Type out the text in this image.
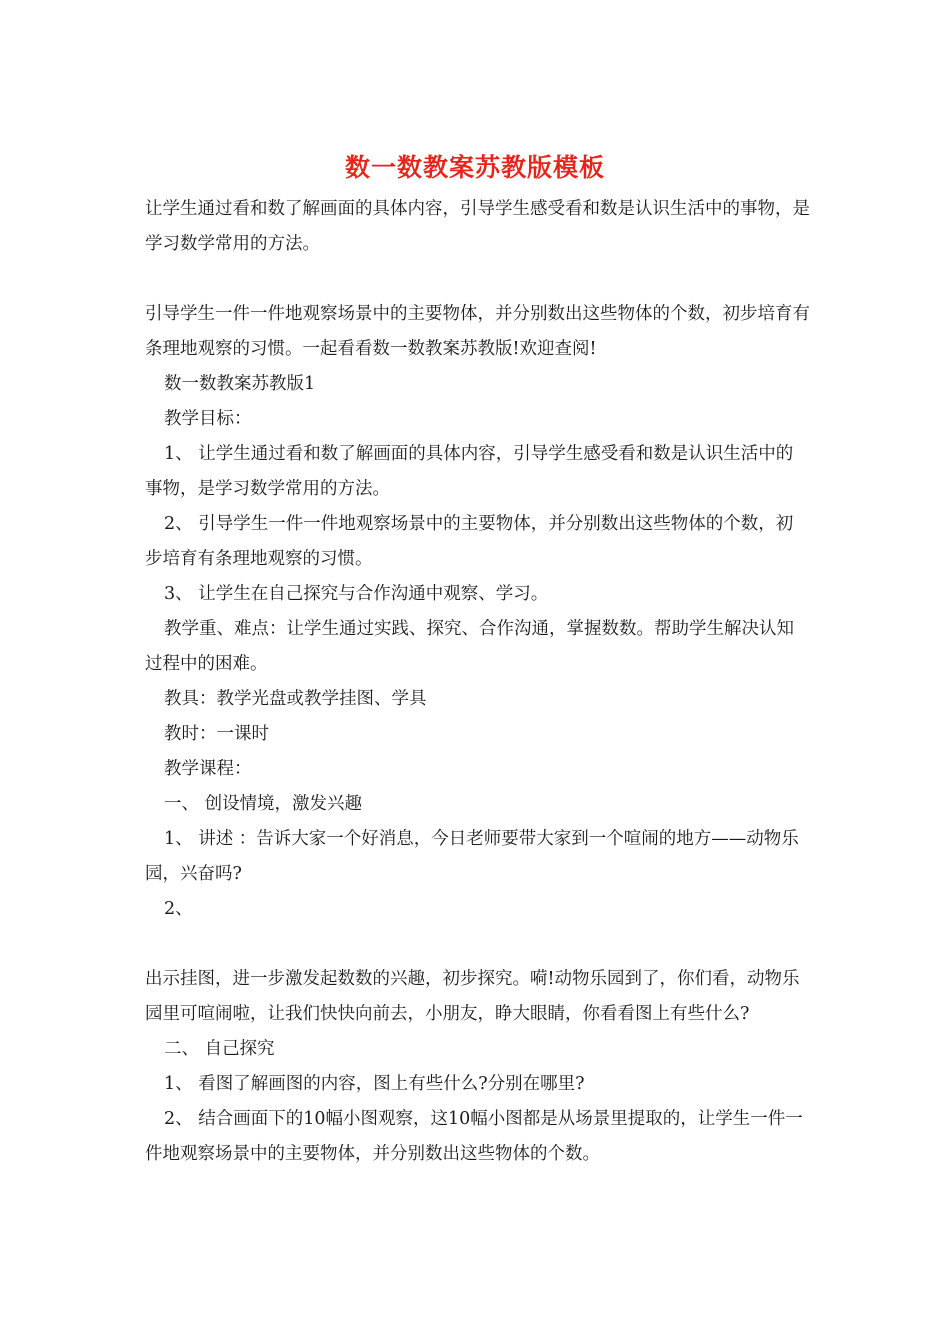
数一数教案苏教版模板

让学生通过看和数了解画面的具体内容，引导学生感受看和数是认识生活中的事物，是学习数学常用的方法。

引导学生一件一件地观察场景中的主要物体，并分别数出这些物体的个数，初步培育有条理地观察的习惯。一起看看数一数教案苏教版!欢迎查阅!

数一数教案苏教版1

教学目标：

1、 让学生通过看和数了解画面的具体内容，引导学生感受看和数是认识生活中的事物，是学习数学常用的方法。

2、 引导学生一件一件地观察场景中的主要物体，并分别数出这些物体的个数，初步培育有条理地观察的习惯。

3、 让学生在自己探究与合作沟通中观察、学习。

教学重、难点：让学生通过实践、探究、合作沟通，掌握数数。帮助学生解决认知过程中的困难。

教具：教学光盘或教学挂图、学具

教时：一课时

教学课程：

一、 创设情境，激发兴趣

1、 讲述 ：告诉大家一个好消息，今日老师要带大家到一个喧闹的地方——动物乐园，兴奋吗?

2、

出示挂图，进一步激发起数数的兴趣，初步探究。嗬!动物乐园到了，你们看，动物乐园里可喧闹啦，让我们快快向前去，小朋友，睁大眼睛，你看看图上有些什么?

二、 自己探究

1、 看图了解画图的内容，图上有些什么?分别在哪里?

2、 结合画面下的10幅小图观察，这10幅小图都是从场景里提取的，让学生一件一件地观察场景中的主要物体，并分别数出这些物体的个数。
